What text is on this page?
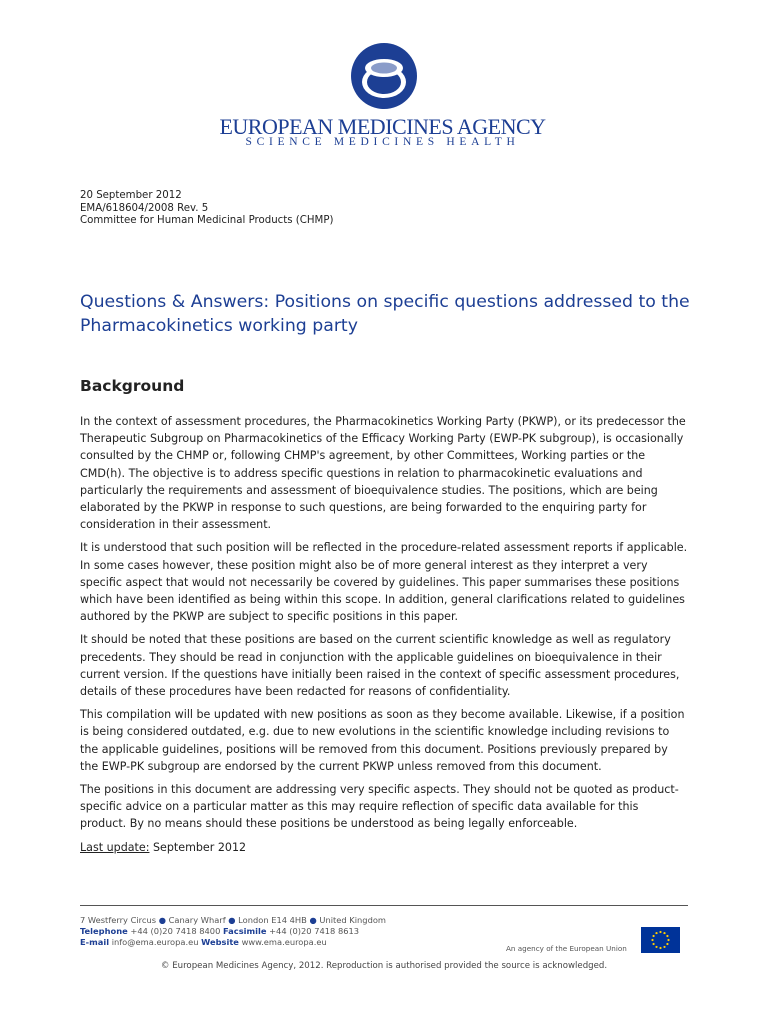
EUROPEAN MEDICINES AGENCY
SCIENCE MEDICINES HEALTH
20 September 2012
EMA/618604/2008 Rev. 5
Committee for Human Medicinal Products (CHMP)
Questions & Answers: Positions on specific questions addressed to the Pharmacokinetics working party
Background

In the context of assessment procedures, the Pharmacokinetics Working Party (PKWP), or its predecessor the Therapeutic Subgroup on Pharmacokinetics of the Efficacy Working Party (EWP-PK subgroup), is occasionally consulted by the CHMP or, following CHMP's agreement, by other Committees, Working parties or the CMD(h). The objective is to address specific questions in relation to pharmacokinetic evaluations and particularly the requirements and assessment of bioequivalence studies. The positions, which are being elaborated by the PKWP in response to such questions, are being forwarded to the enquiring party for consideration in their assessment.

It is understood that such position will be reflected in the procedure-related assessment reports if applicable. In some cases however, these position might also be of more general interest as they interpret a very specific aspect that would not necessarily be covered by guidelines. This paper summarises these positions which have been identified as being within this scope. In addition, general clarifications related to guidelines authored by the PKWP are subject to specific positions in this paper.

It should be noted that these positions are based on the current scientific knowledge as well as regulatory precedents. They should be read in conjunction with the applicable guidelines on bioequivalence in their current version. If the questions have initially been raised in the context of specific assessment procedures, details of these procedures have been redacted for reasons of confidentiality.

This compilation will be updated with new positions as soon as they become available. Likewise, if a position is being considered outdated, e.g. due to new evolutions in the scientific knowledge including revisions to the applicable guidelines, positions will be removed from this document. Positions previously prepared by the EWP-PK subgroup are endorsed by the current PKWP unless removed from this document.

The positions in this document are addressing very specific aspects. They should not be quoted as product-specific advice on a particular matter as this may require reflection of specific data available for this product. By no means should these positions be understood as being legally enforceable.

Last update: September 2012
7 Westferry Circus ● Canary Wharf ● London E14 4HB ● United Kingdom
Telephone +44 (0)20 7418 8400 Facsimile +44 (0)20 7418 8613
E-mail info@ema.europa.eu Website www.ema.europa.eu
An agency of the European Union
© European Medicines Agency, 2012. Reproduction is authorised provided the source is acknowledged.
